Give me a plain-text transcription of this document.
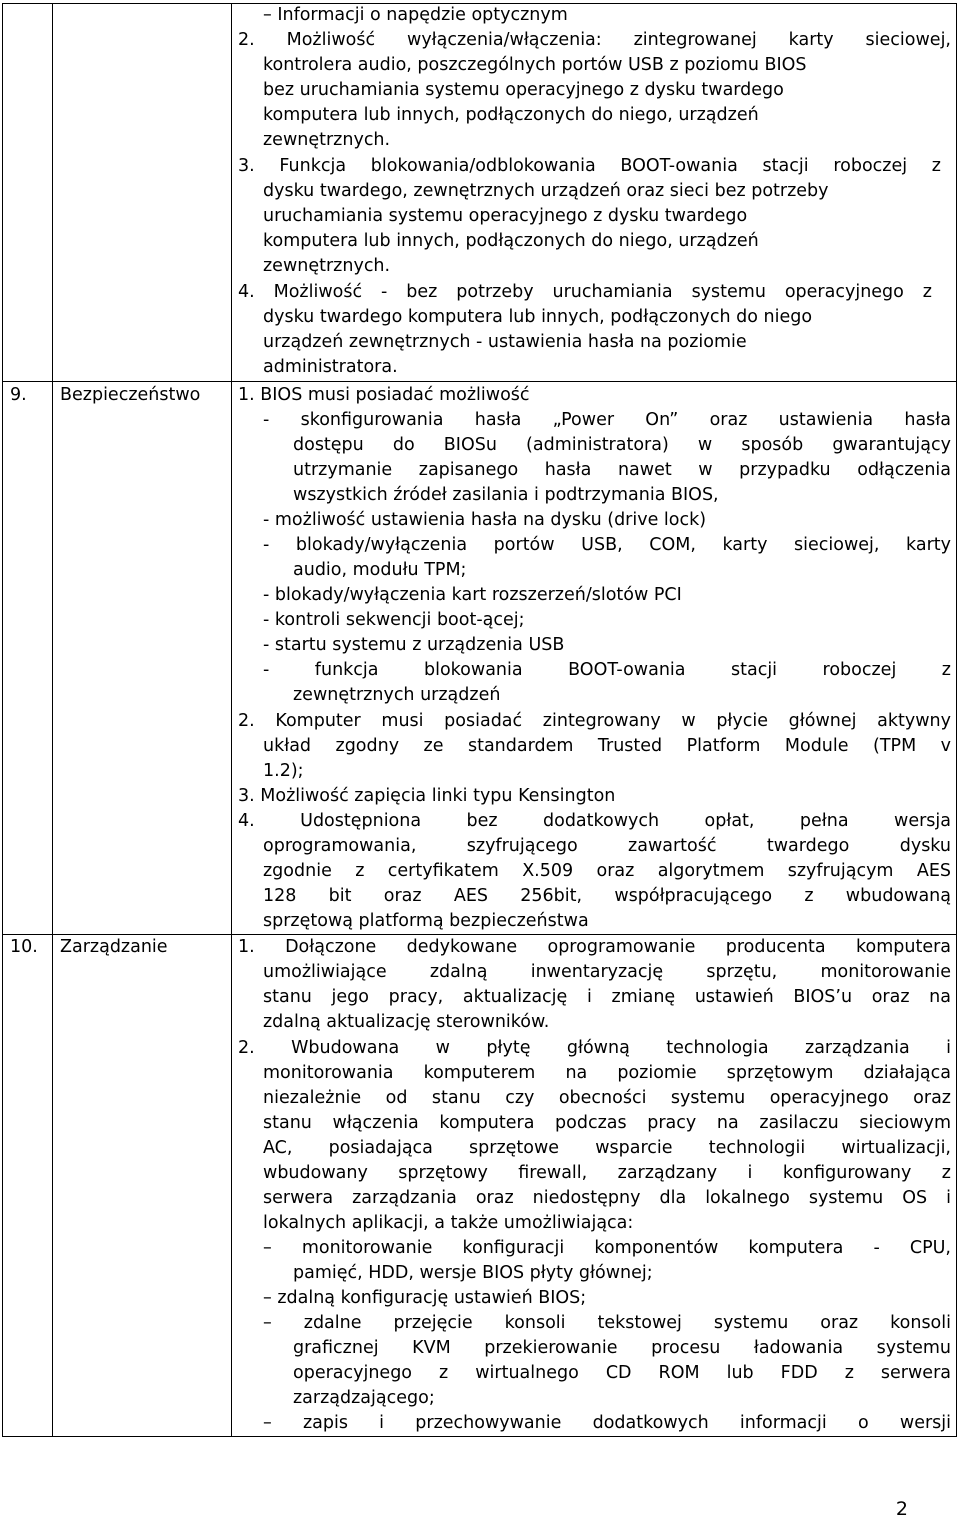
9. Bezpieczeństwo
10. Zarządzanie
– Informacji o napędzie optycznym
2. Możliwość wyłączenia/włączenia: zintegrowanej karty sieciowej,
kontrolera audio, poszczególnych portów USB z poziomu BIOS
bez uruchamiania systemu operacyjnego z dysku twardego
komputera lub innych, podłączonych do niego, urządzeń
zewnętrznych.
3. Funkcja blokowania/odblokowania BOOT-owania stacji roboczej z
dysku twardego, zewnętrznych urządzeń oraz sieci bez potrzeby
uruchamiania systemu operacyjnego z dysku twardego
komputera lub innych, podłączonych do niego, urządzeń
zewnętrznych.
4. Możliwość - bez potrzeby uruchamiania systemu operacyjnego z
dysku twardego komputera lub innych, podłączonych do niego
urządzeń zewnętrznych - ustawienia hasła na poziomie
administratora.
1. BIOS musi posiadać możliwość
- skonfigurowania hasła „Power On” oraz ustawienia hasła
dostępu do BIOSu (administratora) w sposób gwarantujący
utrzymanie zapisanego hasła nawet w przypadku odłączenia
wszystkich źródeł zasilania i podtrzymania BIOS,
- możliwość ustawienia hasła na dysku (drive lock)
- blokady/wyłączenia portów USB, COM, karty sieciowej, karty
audio, modułu TPM;
- blokady/wyłączenia kart rozszerzeń/slotów PCI
- kontroli sekwencji boot-ącej;
- startu systemu z urządzenia USB
- funkcja blokowania BOOT-owania stacji roboczej z
zewnętrznych urządzeń
2. Komputer musi posiadać zintegrowany w płycie głównej aktywny
układ zgodny ze standardem Trusted Platform Module (TPM v
1.2);
3. Możliwość zapięcia linki typu Kensington
4. Udostępniona bez dodatkowych opłat, pełna wersja
oprogramowania, szyfrującego zawartość twardego dysku
zgodnie z certyfikatem X.509 oraz algorytmem szyfrującym AES
128 bit oraz AES 256bit, współpracującego z wbudowaną
sprzętową platformą bezpieczeństwa
1. Dołączone dedykowane oprogramowanie producenta komputera
umożliwiające zdalną inwentaryzację sprzętu, monitorowanie
stanu jego pracy, aktualizację i zmianę ustawień BIOS’u oraz na
zdalną aktualizację sterowników.
2. Wbudowana w płytę główną technologia zarządzania i
monitorowania komputerem na poziomie sprzętowym działająca
niezależnie od stanu czy obecności systemu operacyjnego oraz
stanu włączenia komputera podczas pracy na zasilaczu sieciowym
AC, posiadająca sprzętowe wsparcie technologii wirtualizacji,
wbudowany sprzętowy firewall, zarządzany i konfigurowany z
serwera zarządzania oraz niedostępny dla lokalnego systemu OS i
lokalnych aplikacji, a także umożliwiająca:
– monitorowanie konfiguracji komponentów komputera - CPU,
pamięć, HDD, wersje BIOS płyty głównej;
– zdalną konfigurację ustawień BIOS;
– zdalne przejęcie konsoli tekstowej systemu oraz konsoli
graficznej KVM przekierowanie procesu ładowania systemu
operacyjnego z wirtualnego CD ROM lub FDD z serwera
zarządzającego;
– zapis i przechowywanie dodatkowych informacji o wersji
2
